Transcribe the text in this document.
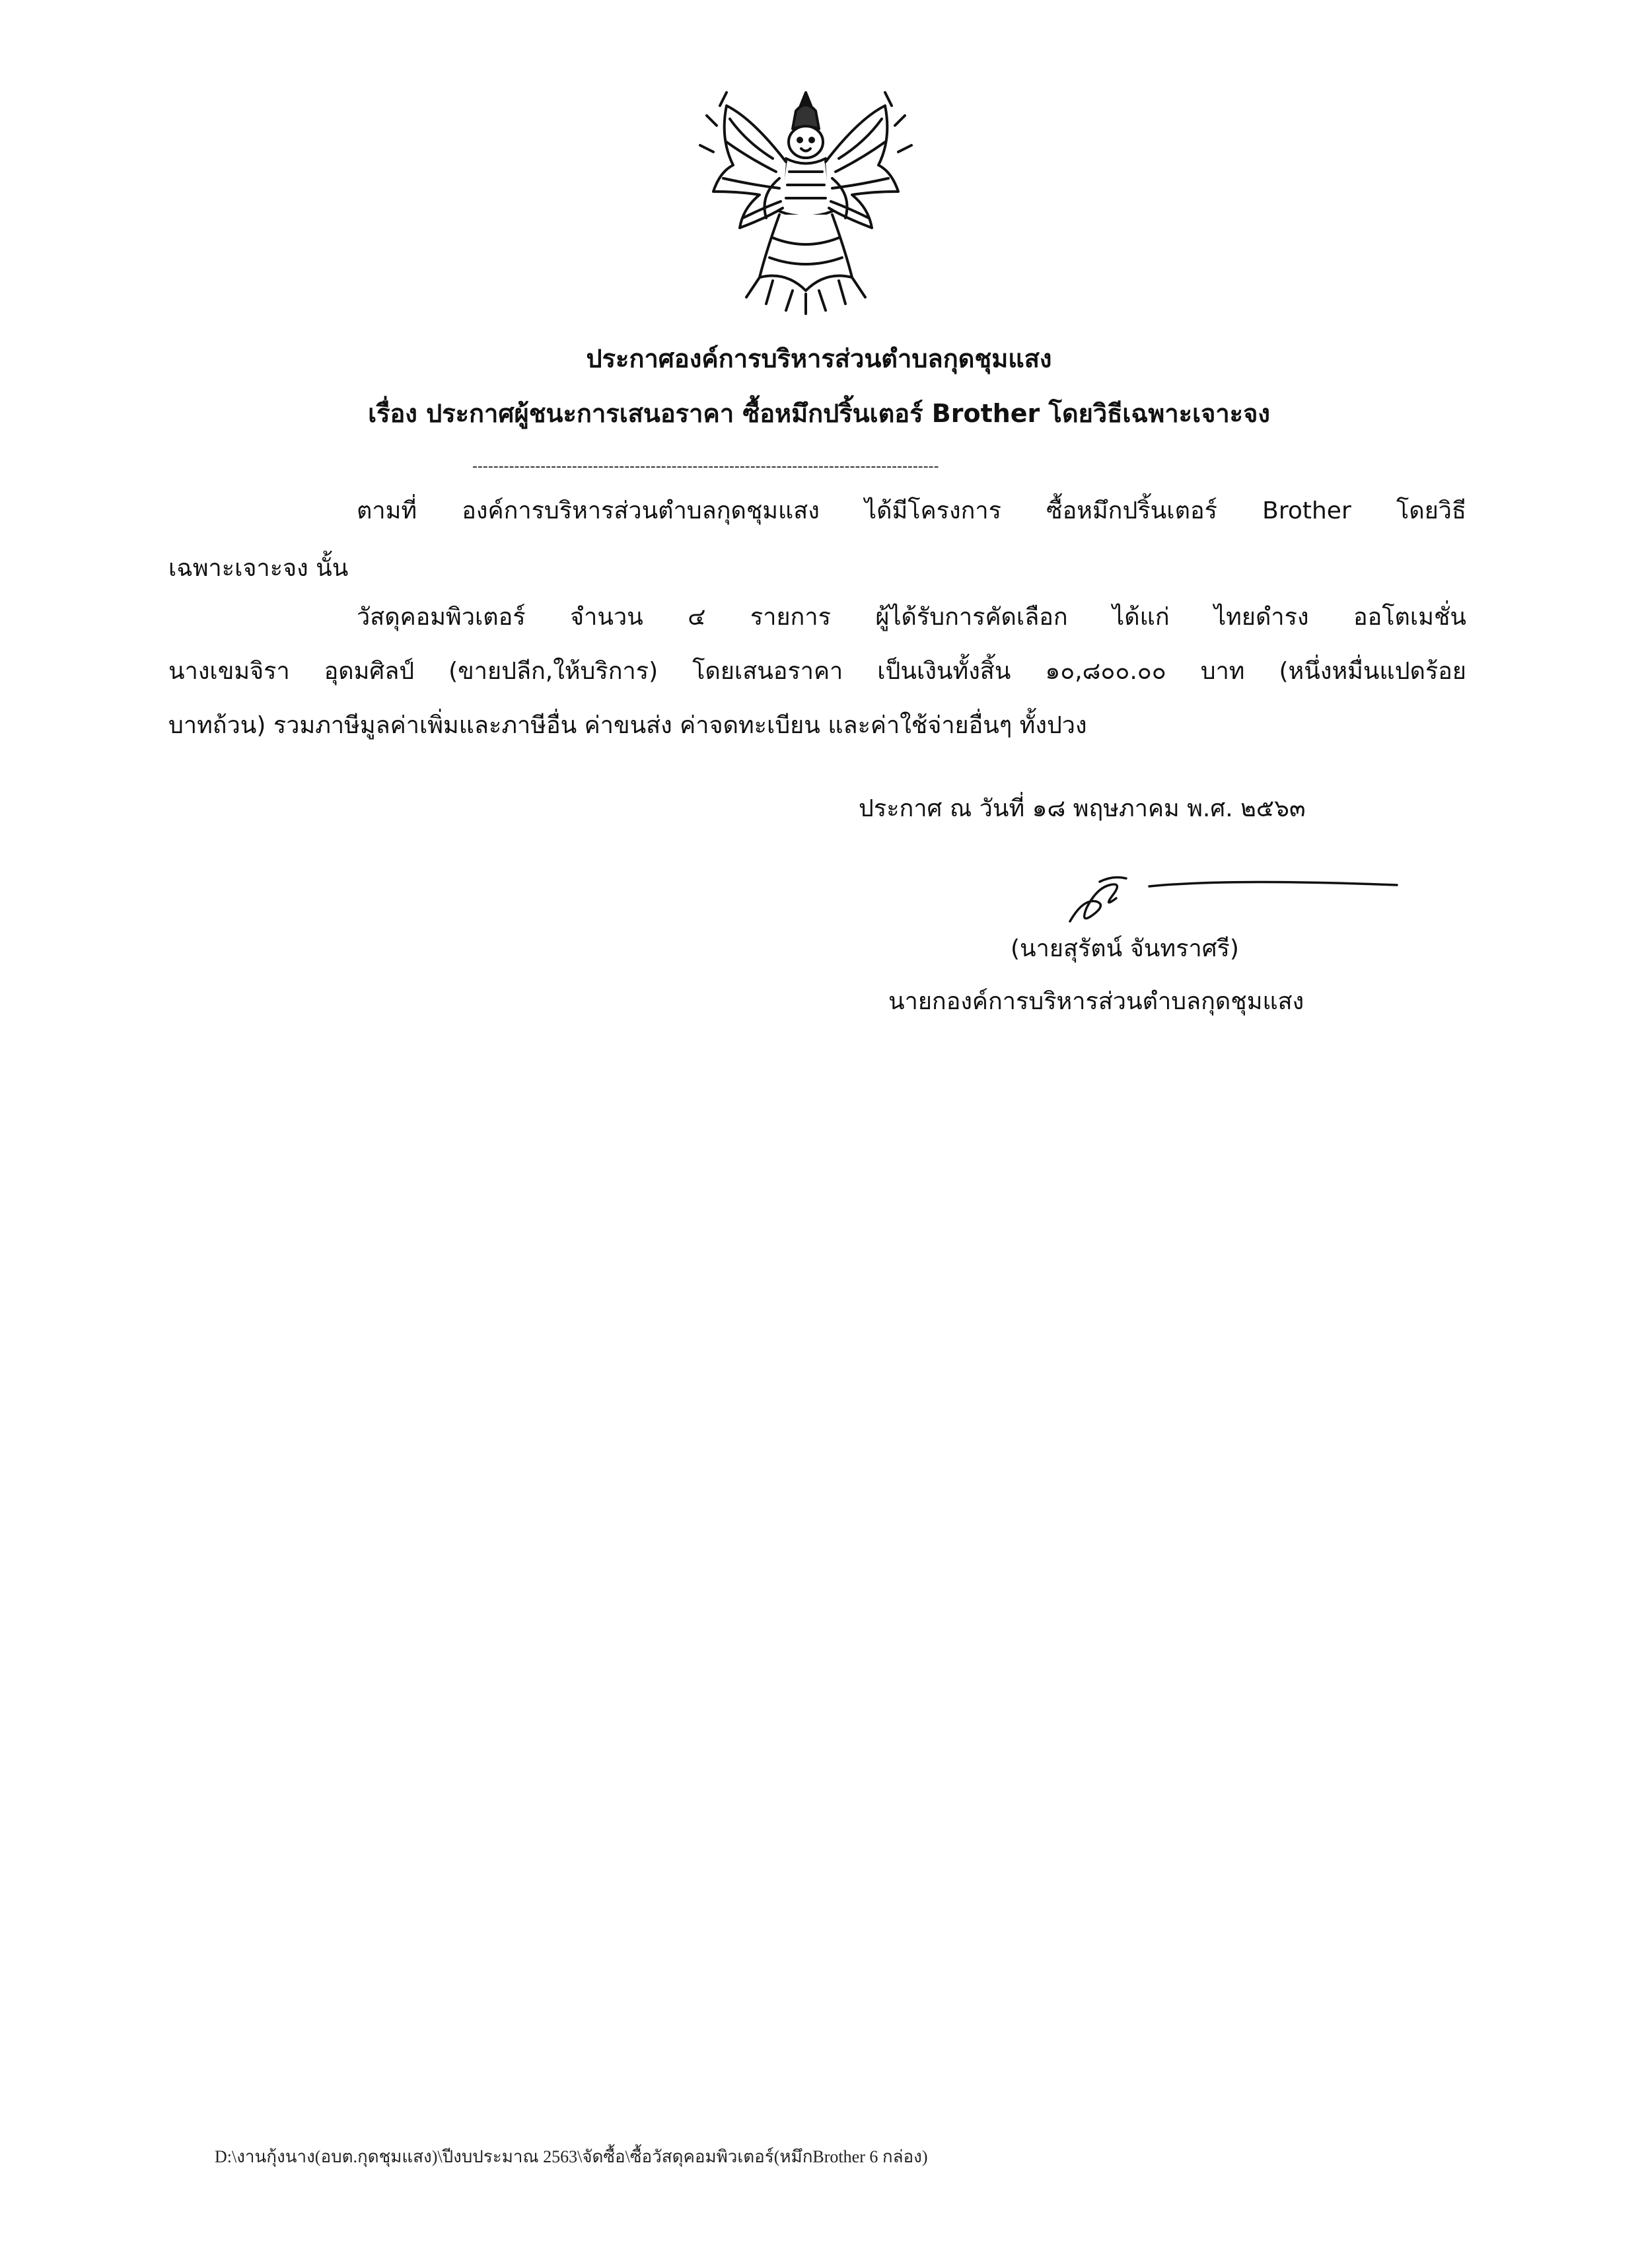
ประกาศองค์การบริหารส่วนตำบลกุดชุมแสง
เรื่อง ประกาศผู้ชนะการเสนอราคา ซื้อหมึกปริ้นเตอร์ Brother โดยวิธีเฉพาะเจาะจง
-----------------------------------------------------------------------------------------
ตามที่ องค์การบริหารส่วนตำบลกุดชุมแสง ได้มีโครงการ ซื้อหมึกปริ้นเตอร์ Brother โดยวิธี
เฉพาะเจาะจง นั้น
วัสดุคอมพิวเตอร์ จำนวน ๔ รายการ ผู้ได้รับการคัดเลือก ได้แก่ ไทยดำรง ออโตเมชั่น
นางเขมจิรา อุดมศิลป์ (ขายปลีก,ให้บริการ) โดยเสนอราคา เป็นเงินทั้งสิ้น ๑๐,๘๐๐.๐๐ บาท (หนึ่งหมื่นแปดร้อย
บาทถ้วน) รวมภาษีมูลค่าเพิ่มและภาษีอื่น ค่าขนส่ง ค่าจดทะเบียน และค่าใช้จ่ายอื่นๆ ทั้งปวง
ประกาศ ณ วันที่ ๑๘ พฤษภาคม พ.ศ. ๒๕๖๓
(นายสุรัตน์ จันทราศรี)
นายกองค์การบริหารส่วนตำบลกุดชุมแสง
D:\งานกุ้งนาง(อบต.กุดชุมแสง)\ปีงบประมาณ 2563\จัดซื้อ\ซื้อวัสดุคอมพิวเตอร์(หมึกBrother 6 กล่อง)
